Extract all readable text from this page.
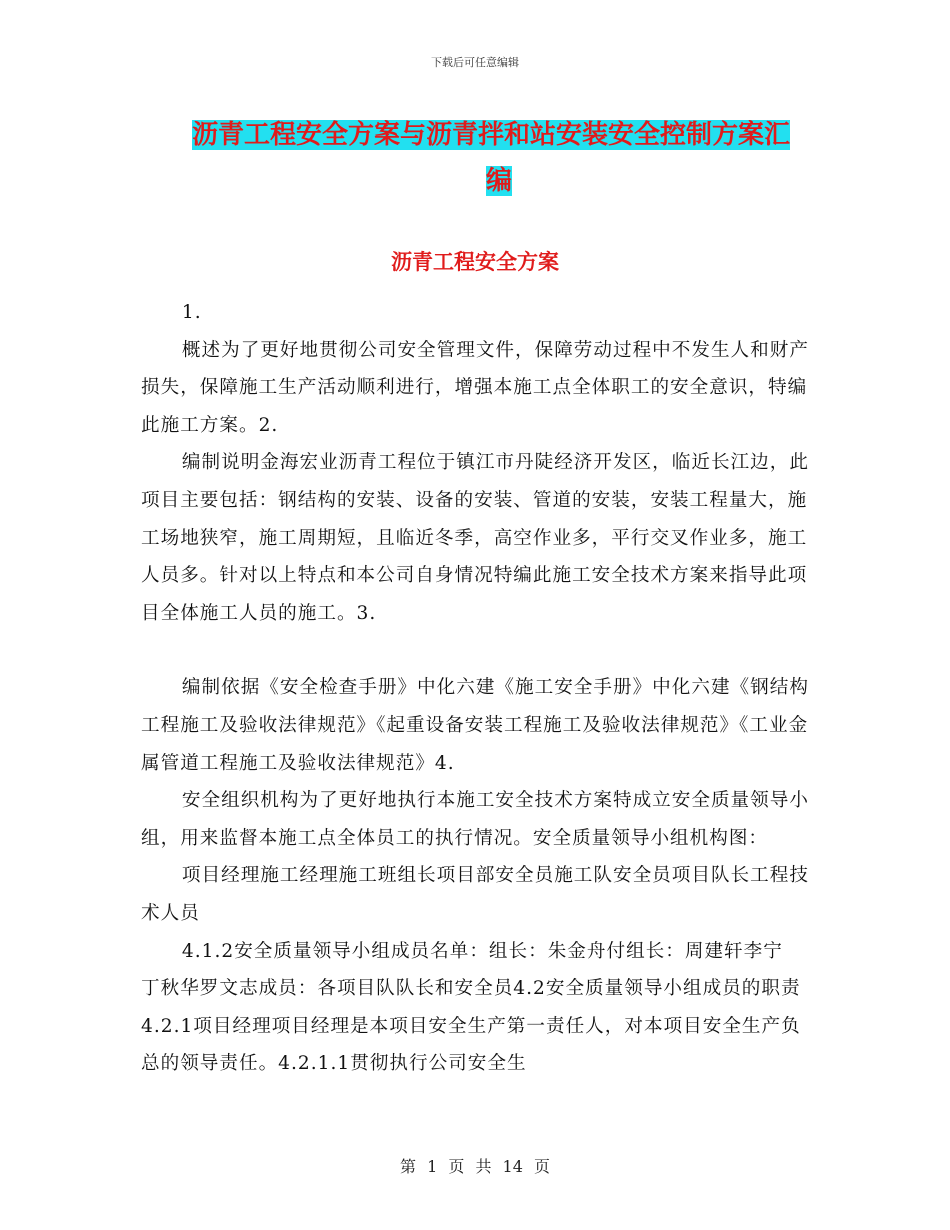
下载后可任意编辑
沥青工程安全方案与沥青拌和站安装安全控制方案汇
编
沥青工程安全方案

1.

概述为了更好地贯彻公司安全管理文件，保障劳动过程中不发生人和财产损失，保障施工生产活动顺利进行，增强本施工点全体职工的安全意识，特编此施工方案。2.

编制说明金海宏业沥青工程位于镇江市丹陡经济开发区，临近长江边，此项目主要包括：钢结构的安装、设备的安装、管道的安装，安装工程量大，施工场地狭窄，施工周期短，且临近冬季，高空作业多，平行交叉作业多，施工人员多。针对以上特点和本公司自身情况特编此施工安全技术方案来指导此项目全体施工人员的施工。3.

编制依据《安全检查手册》中化六建《施工安全手册》中化六建《钢结构工程施工及验收法律规范》《起重设备安装工程施工及验收法律规范》《工业金属管道工程施工及验收法律规范》4.

安全组织机构为了更好地执行本施工安全技术方案特成立安全质量领导小组，用来监督本施工点全体员工的执行情况。安全质量领导小组机构图：

项目经理施工经理施工班组长项目部安全员施工队安全员项目队长工程技术人员

4.1.2安全质量领导小组成员名单：组长：朱金舟付组长：周建轩李宁　丁秋华罗文志成员：各项目队队长和安全员4.2安全质量领导小组成员的职责4.2.1项目经理项目经理是本项目安全生产第一责任人，对本项目安全生产负总的领导责任。4.2.1.1贯彻执行公司安全生

第 1 页 共 14 页
